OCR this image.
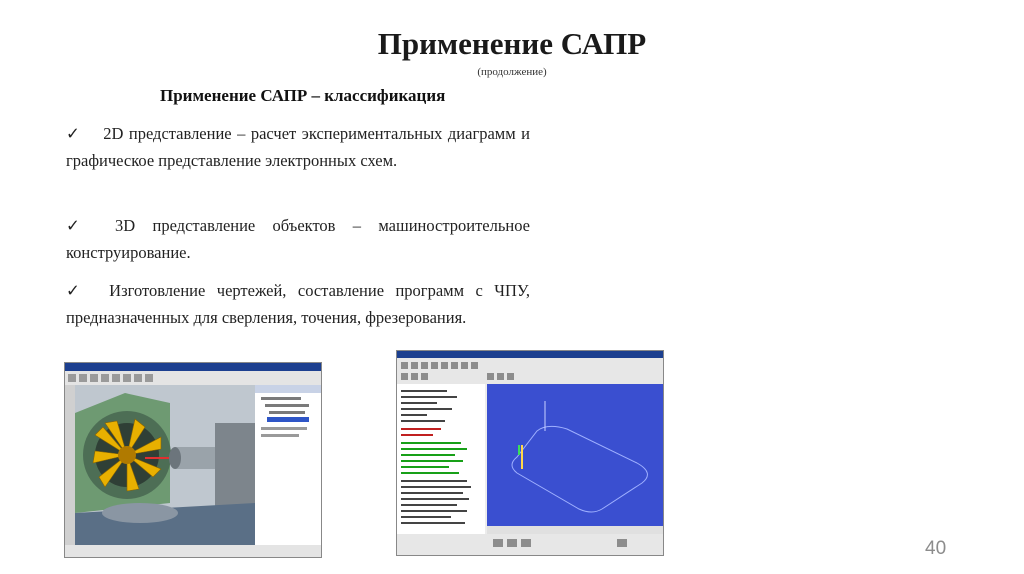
Применение САПР
(продолжение)
Применение САПР – классификация
✓ 2D представление – расчет экспериментальных диаграмм и графическое представление электронных схем.
✓ 3D представление объектов – машиностроительное конструирование.
✓ Изготовление чертежей, составление программ с ЧПУ, предназначенных для сверления, точения, фрезерования.
40
